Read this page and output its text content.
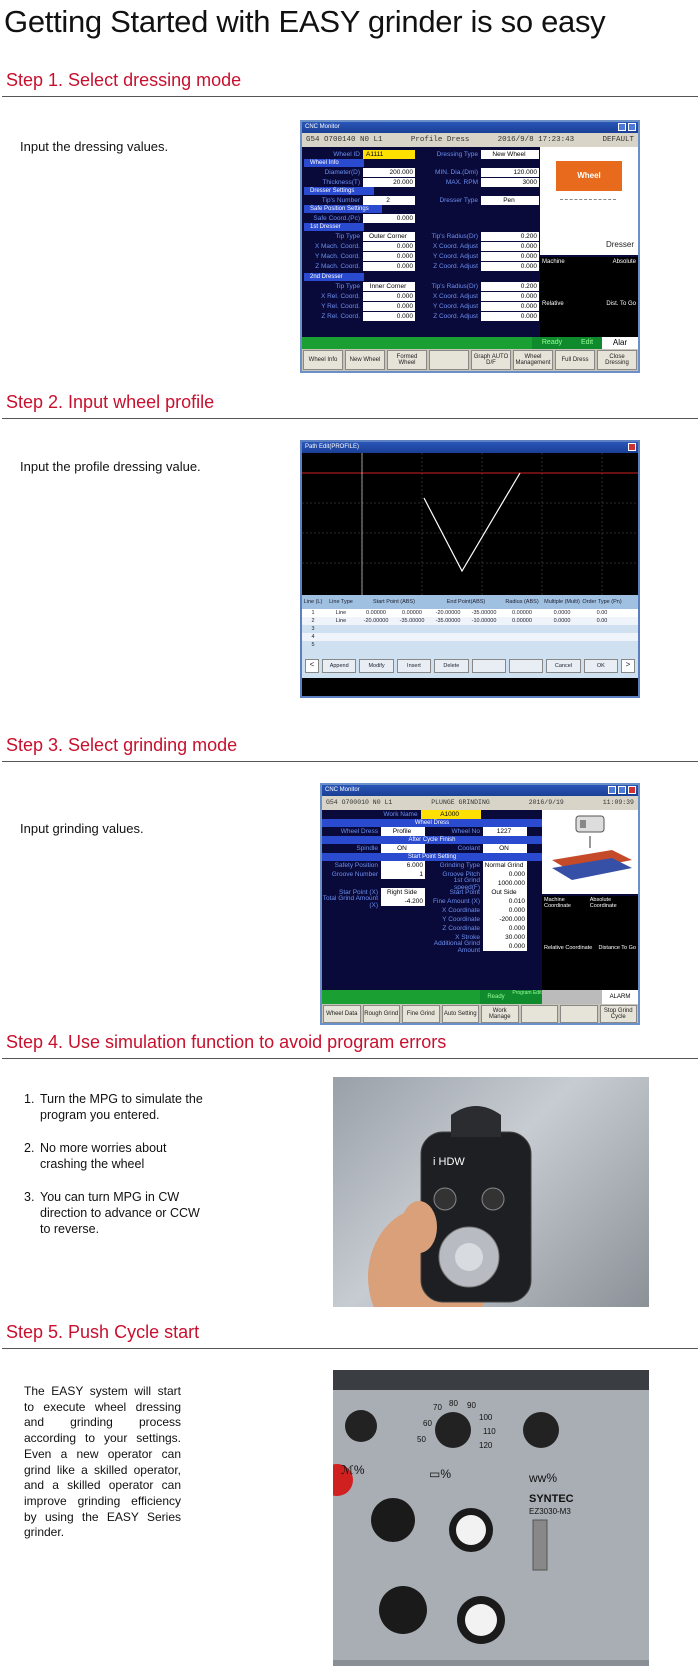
Getting Started with EASY grinder is so easy
Step 1. Select dressing mode
Input the dressing values.
CNC Monitor
G54 O700140 N0 L1	Profile Dress	2016/9/8 17:23:43	DEFAULT
Wheel ID A1111	Dressing Type	New Wheel
Wheel Info
Diameter(D)	200.000	MIN. Dia.(Dmi)	120.000
Thickness(T)	20.000	MAX. RPM	3000
Dresser Settings
Tip's Number	2	Dresser Type	Pen
Safe Position Settings
Safe Coord.(Pc)	0.000
1st Dresser
Tip Type	Outer Corner	Tip's Radius(Dr)	0.200
X Mach. Coord.	0.000	X Coord. Adjust	0.000
Y Mach. Coord.	0.000	Y Coord. Adjust	0.000
Z Mach. Coord.	0.000	Z Coord. Adjust	0.000
2nd Dresser
Tip Type	Inner Corner	Tip's Radius(Dr)	0.200
X Rel. Coord.	0.000	X Coord. Adjust	0.000
Y Rel. Coord.	0.000	Y Coord. Adjust	0.000
Z Rel. Coord.	0.000	Z Coord. Adjust	0.000
Wheel
Dresser
Machine	Absolute
Relative	Dist. To Go
Ready	Edit	Alar
Wheel Info	New Wheel	Formed Wheel
Graph AUTO D/F
Wheel Management	Full Dress	Close Dressing
Step 2. Input wheel profile
Input the profile dressing value.
Path Edit(PROFILE)
Line (L)	Line Type	Start Point (ABS)	End Point(ABS)	Radius (ABS) Multiple (Multi) Order Type (Pn)
1	Line	0.00000	0.00000	-20.00000	-35.00000	0.00000	0.0000	0.00
2	Line	-20.00000	-35.00000	-35.00000	-10.00000	0.00000	0.0000	0.00
3
4
5
<	Append	Modify	Insert	Delete	Cancel	OK	>
Step 3. Select grinding mode
Input grinding values.
CNC Monitor
G54 O700010 N0 L1	PLUNGE GRINDING	2016/9/19	11:09:39
Work Name	A1000
Wheel Dress
Wheel Dress	Profile	Wheel No	1227
After Cycle Finish
Spindle	ON	Coolant	ON
Start Point Setting
Safety Position	6.000	Grinding Type Normal Grind
Groove Number	1	Groove Pitch	0.000
1st Grind speed(F)	1000.000
Star Point (X)	Right Side	Start Point	Out Side
Total Grind Amount (X)	-4.200	Fine Amount (X)	0.010
X Coordinate	0.000
Y Coordinate	-200.000
Z Coordinate	0.000
X Stroke	30.000
Additional Grind Amount	0.000
Machine Coordinate
Absolute Coordinate
Relative Coordinate Distance To Go
Ready
Program Edit
ALARM
Wheel Data	Rough Grind	Fine Grind	Auto Setting	Work Manage
Stop Grind Cycle
Step 4. Use simulation function to avoid program errors
1. Turn the MPG to simulate the program you entered.
2. No more worries about crashing the wheel
3. You can turn MPG in CW direction to advance or CCW to reverse.
i HDW
Step 5. Push Cycle start
The EASY system will start to execute wheel dressing and grinding process according to your settings. Even a new operator can grind like a skilled operator, and a skilled operator can improve grinding efficiency by using the EASY Series grinder.
ℳ%	▭%	ww%
70 80 90
100
110
120
60
50
SYNTEC
EZ3030-M3
